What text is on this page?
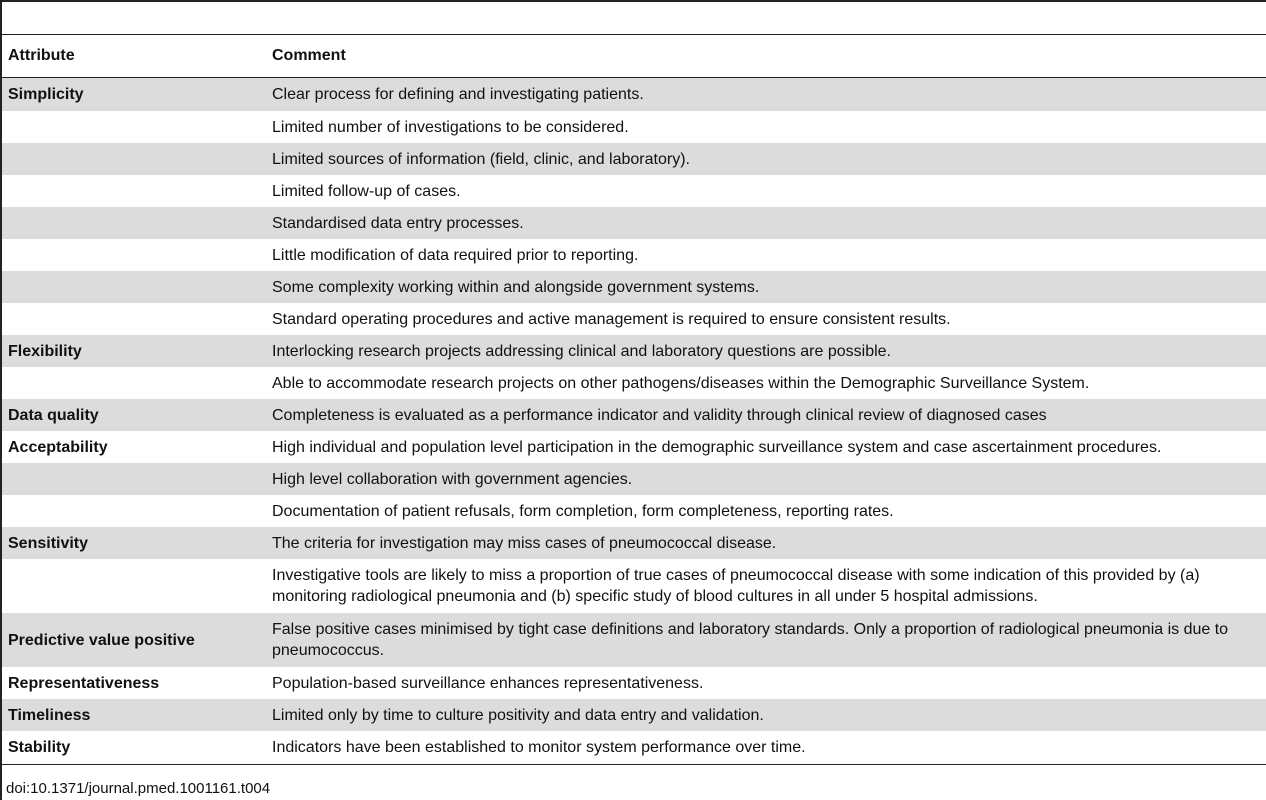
Attribute	Comment
Simplicity	Clear process for defining and investigating patients.
	Limited number of investigations to be considered.
	Limited sources of information (field, clinic, and laboratory).
	Limited follow-up of cases.
	Standardised data entry processes.
	Little modification of data required prior to reporting.
	Some complexity working within and alongside government systems.
	Standard operating procedures and active management is required to ensure consistent results.
Flexibility	Interlocking research projects addressing clinical and laboratory questions are possible.
	Able to accommodate research projects on other pathogens/diseases within the Demographic Surveillance System.
Data quality	Completeness is evaluated as a performance indicator and validity through clinical review of diagnosed cases
Acceptability	High individual and population level participation in the demographic surveillance system and case ascertainment procedures.
	High level collaboration with government agencies.
	Documentation of patient refusals, form completion, form completeness, reporting rates.
Sensitivity	The criteria for investigation may miss cases of pneumococcal disease.
	Investigative tools are likely to miss a proportion of true cases of pneumococcal disease with some indication of this provided by (a) monitoring radiological pneumonia and (b) specific study of blood cultures in all under 5 hospital admissions.
Predictive value positive	False positive cases minimised by tight case definitions and laboratory standards. Only a proportion of radiological pneumonia is due to pneumococcus.
Representativeness	Population-based surveillance enhances representativeness.
Timeliness	Limited only by time to culture positivity and data entry and validation.
Stability	Indicators have been established to monitor system performance over time.
doi:10.1371/journal.pmed.1001161.t004
